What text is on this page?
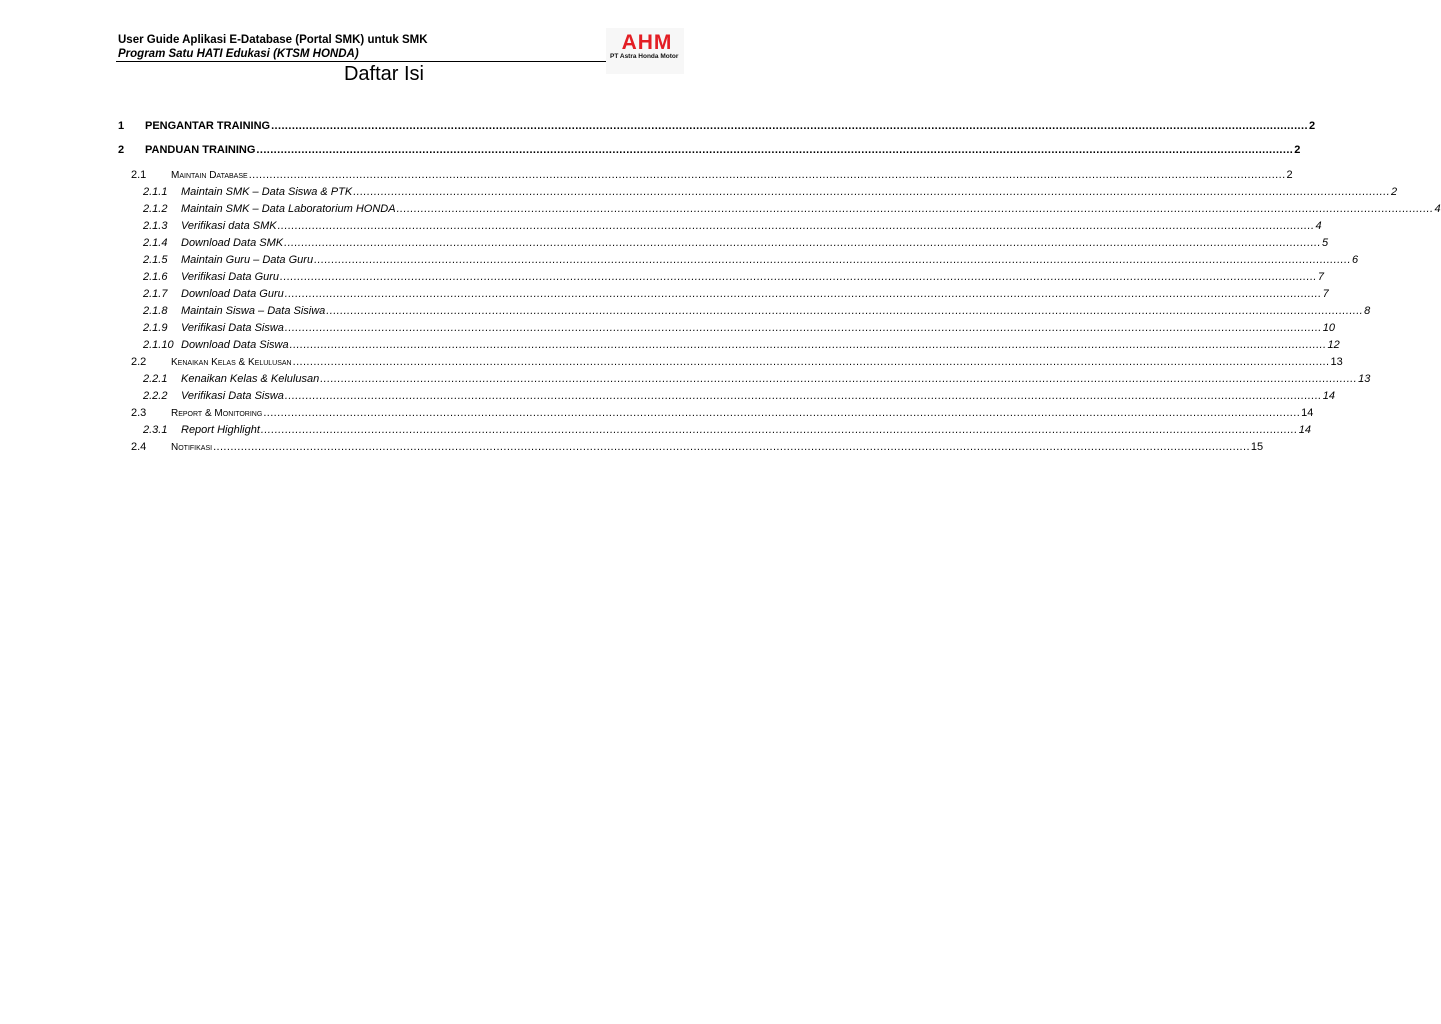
User Guide Aplikasi E-Database (Portal SMK) untuk SMK
Program Satu HATI Edukasi (KTSM HONDA)	AHM
PT Astra Honda Motor
Daftar Isi
1	PENGANTAR TRAINING ............................................................................................................................................................................................................................................................................................................ 2
2	PANDUAN TRAINING ............................................................................................................................................................................................................................................................................................................ 2
2.1	Maintain Database ............................................................................................................................................................................................................................................................................................................ 2
2.1.1	Maintain SMK – Data Siswa & PTK ............................................................................................................................................................................................................................................................................................................ 2
2.1.2	Maintain SMK – Data Laboratorium HONDA ............................................................................................................................................................................................................................................................................................................ 4
2.1.3	Verifikasi data SMK ............................................................................................................................................................................................................................................................................................................ 4
2.1.4	Download Data SMK ............................................................................................................................................................................................................................................................................................................ 5
2.1.5	Maintain Guru – Data Guru ............................................................................................................................................................................................................................................................................................................ 6
2.1.6	Verifikasi Data Guru ............................................................................................................................................................................................................................................................................................................ 7
2.1.7	Download Data Guru ............................................................................................................................................................................................................................................................................................................ 7
2.1.8	Maintain Siswa – Data Sisiwa ............................................................................................................................................................................................................................................................................................................ 8
2.1.9	Verifikasi Data Siswa ............................................................................................................................................................................................................................................................................................................ 10
2.1.10 Download Data Siswa ............................................................................................................................................................................................................................................................................................................ 12
2.2	Kenaikan Kelas & Kelulusan ............................................................................................................................................................................................................................................................................................................ 13
2.2.1	Kenaikan Kelas & Kelulusan ............................................................................................................................................................................................................................................................................................................ 13
2.2.2	Verifikasi Data Siswa ............................................................................................................................................................................................................................................................................................................ 14
2.3	Report & Monitoring ............................................................................................................................................................................................................................................................................................................ 14
2.3.1	Report Highlight ............................................................................................................................................................................................................................................................................................................ 14
2.4	Notifikasi ............................................................................................................................................................................................................................................................................................................ 15
